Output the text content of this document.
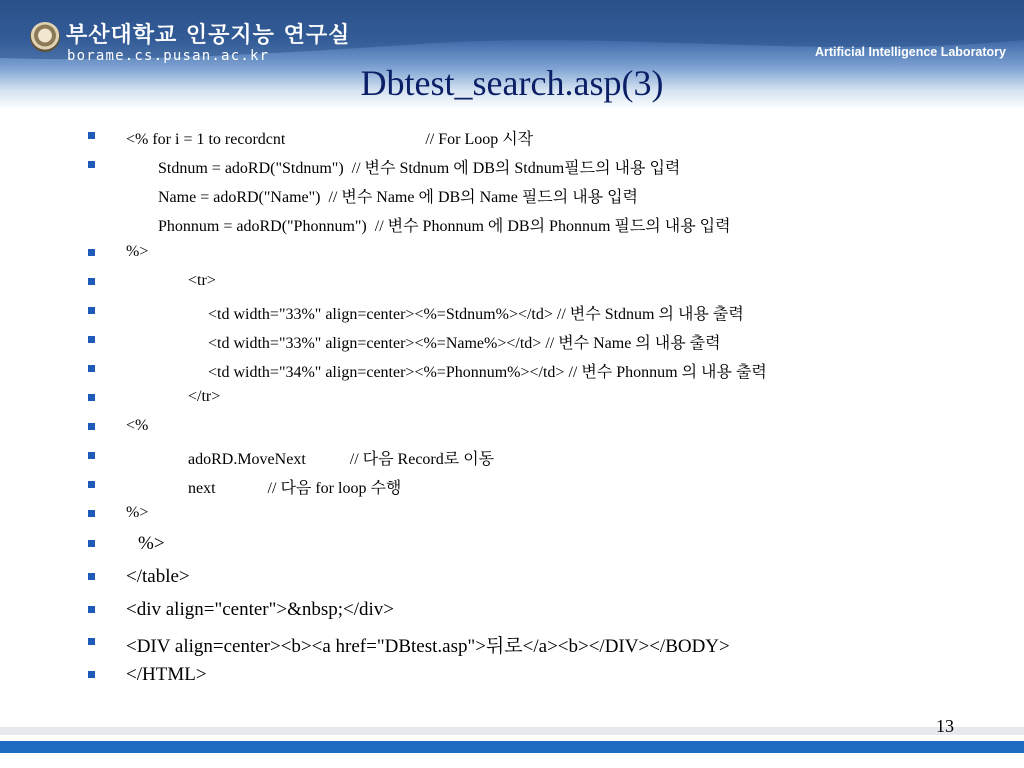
부산대학교 인공지능 연구실
borame.cs.pusan.ac.kr	Artificial Intelligence Laboratory
Dbtest_search.asp(3)

<% for i = 1 to recordcnt                                   // For Loop 시작

Stdnum = adoRD("Stdnum")  // 변수 Stdnum 에 DB의 Stdnum필드의 내용 입력

Name = adoRD("Name")  // 변수 Name 에 DB의 Name 필드의 내용 입력

Phonnum = adoRD("Phonnum")  // 변수 Phonnum 에 DB의 Phonnum 필드의 내용 입력

%>

<tr>

<td width="33%" align=center><%=Stdnum%></td> // 변수 Stdnum 의 내용 출력

<td width="33%" align=center><%=Name%></td> // 변수 Name 의 내용 출력

<td width="34%" align=center><%=Phonnum%></td> // 변수 Phonnum 의 내용 출력

</tr>

<%

adoRD.MoveNext           // 다음 Record로 이동

next             // 다음 for loop 수행

%>

%>

</table>

<div align="center">&nbsp;</div>

<DIV align=center><b><a href="DBtest.asp">뒤로</a><b></DIV></BODY>

</HTML>

13
